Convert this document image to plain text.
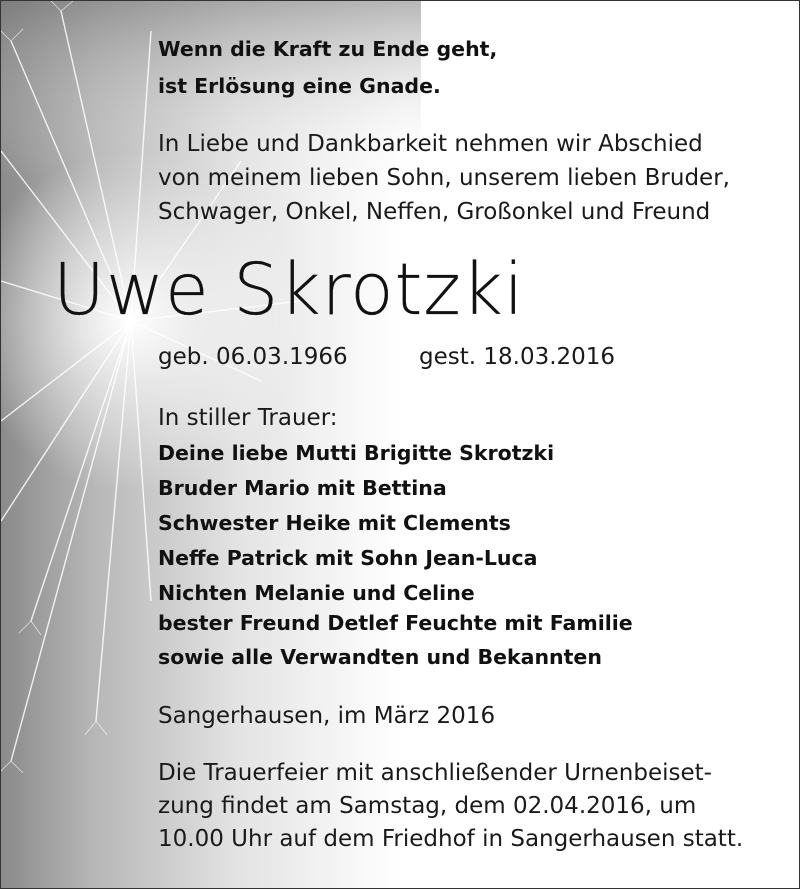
Wenn die Kraft zu Ende geht,
ist Erlösung eine Gnade.
In Liebe und Dankbarkeit nehmen wir Abschied
von meinem lieben Sohn, unserem lieben Bruder,
Schwager, Onkel, Neffen, Großonkel und Freund
Uwe Skrotzki
geb. 06.03.1966	gest. 18.03.2016
In stiller Trauer:
Deine liebe Mutti Brigitte Skrotzki
Bruder Mario mit Bettina
Schwester Heike mit Clements
Neffe Patrick mit Sohn Jean-Luca
Nichten Melanie und Celine
bester Freund Detlef Feuchte mit Familie
sowie alle Verwandten und Bekannten
Sangerhausen, im März 2016
Die Trauerfeier mit anschließender Urnenbeiset-
zung findet am Samstag, dem 02.04.2016, um
10.00 Uhr auf dem Friedhof in Sangerhausen statt.
